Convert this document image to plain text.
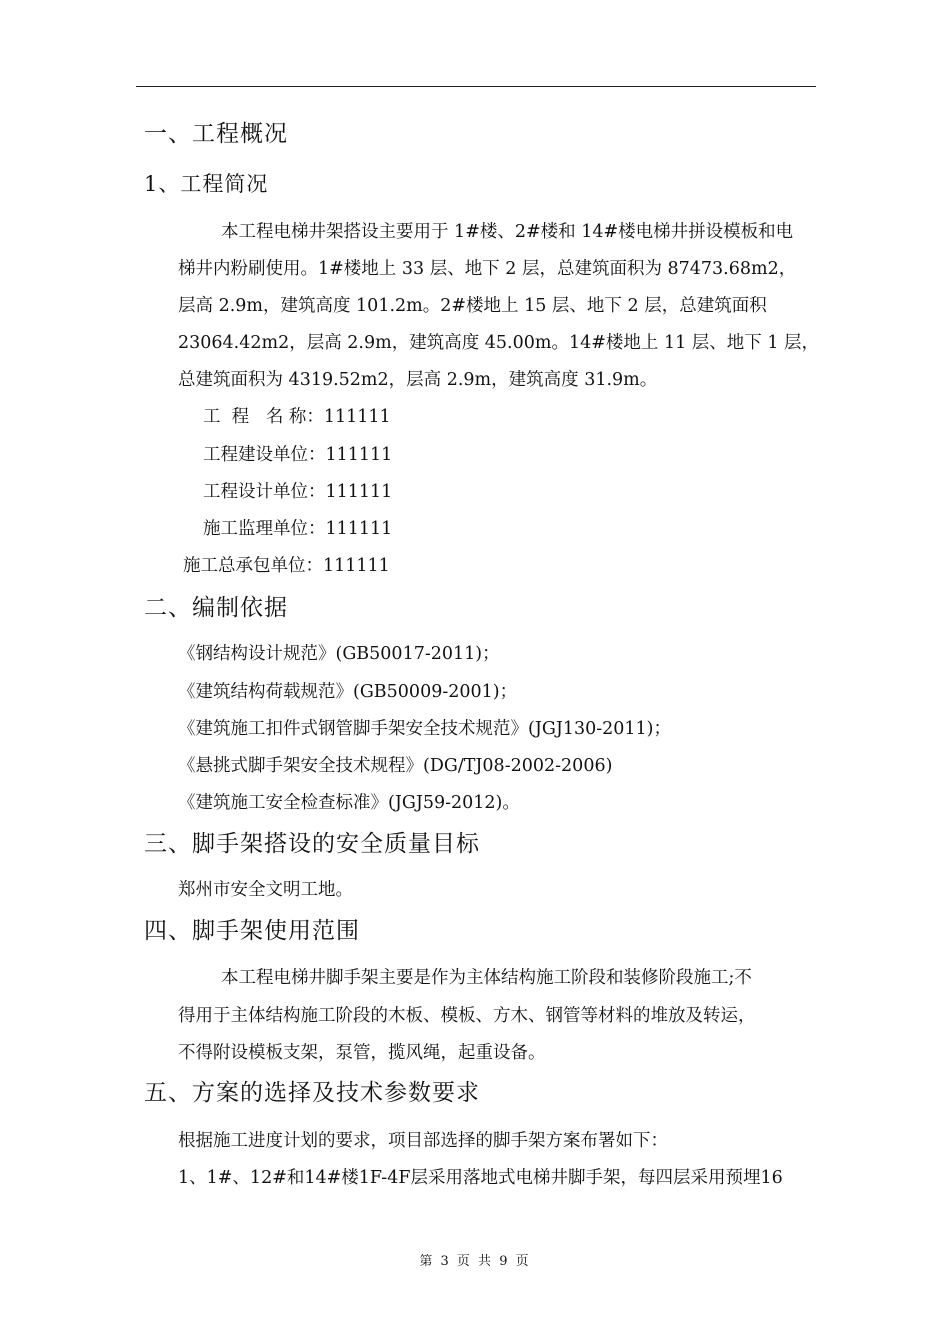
一、工程概况
1、工程简况
本工程电梯井架搭设主要用于 1#楼、2#楼和 14#楼电梯井拼设模板和电
梯井内粉刷使用。1#楼地上 33 层、地下 2 层，总建筑面积为 87473.68m2，
层高 2.9m，建筑高度 101.2m。2#楼地上 15 层、地下 2 层，总建筑面积
23064.42m2，层高 2.9m，建筑高度 45.00m。14#楼地上 11 层、地下 1 层，
总建筑面积为 4319.52m2，层高 2.9m，建筑高度 31.9m。
工  程   名 称：111111
工程建设单位：111111
工程设计单位：111111
施工监理单位：111111
施工总承包单位：111111
二、编制依据
《钢结构设计规范》(GB50017-2011)；
《建筑结构荷载规范》(GB50009-2001)；
《建筑施工扣件式钢管脚手架安全技术规范》(JGJ130-2011)；
《悬挑式脚手架安全技术规程》(DG/TJ08-2002-2006)
《建筑施工安全检查标准》(JGJ59-2012)。
三、脚手架搭设的安全质量目标
郑州市安全文明工地。
四、脚手架使用范围
本工程电梯井脚手架主要是作为主体结构施工阶段和装修阶段施工;不
得用于主体结构施工阶段的木板、模板、方木、钢管等材料的堆放及转运，
不得附设模板支架，泵管，揽风绳，起重设备。
五、方案的选择及技术参数要求
根据施工进度计划的要求，项目部选择的脚手架方案布署如下：
1、1#、12#和14#楼1F-4F层采用落地式电梯井脚手架，每四层采用预埋16
第 3 页 共 9 页
